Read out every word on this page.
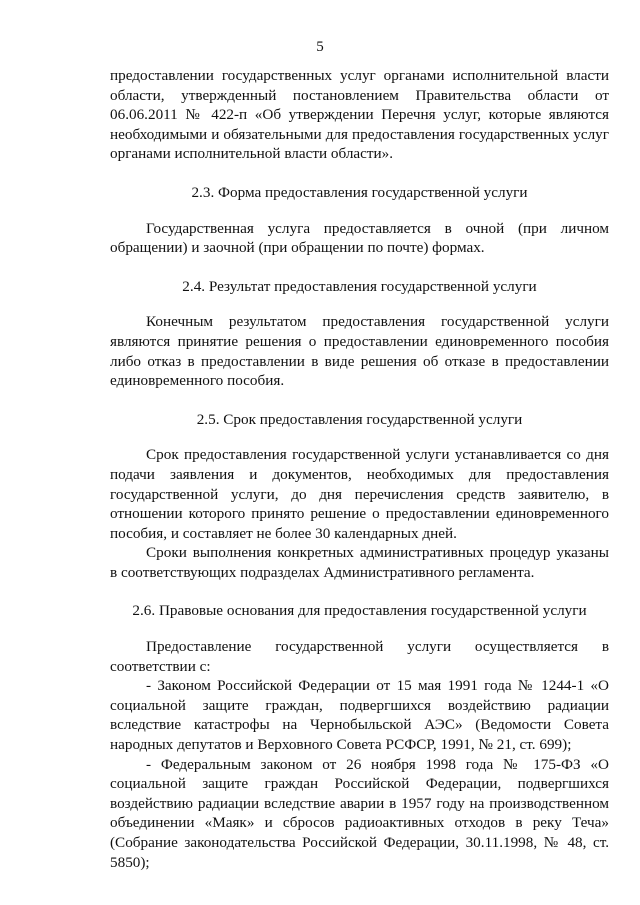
5

предоставлении государственных услуг органами исполнительной власти области, утвержденный постановлением Правительства области от 06.06.2011 № 422-п «Об утверждении Перечня услуг, которые являются необходимыми и обязательными для предоставления государственных услуг органами исполнительной власти области».

2.3. Форма предоставления государственной услуги

Государственная услуга предоставляется в очной (при личном обращении) и заочной (при обращении по почте) формах.

2.4. Результат предоставления государственной услуги

Конечным результатом предоставления государственной услуги являются принятие решения о предоставлении единовременного пособия либо отказ в предоставлении в виде решения об отказе в предоставлении единовременного пособия.

2.5. Срок предоставления государственной услуги

Срок предоставления государственной услуги устанавливается со дня подачи заявления и документов, необходимых для предоставления государственной услуги, до дня перечисления средств заявителю, в отношении которого принято решение о предоставлении единовременного пособия, и составляет не более 30 календарных дней.

Сроки выполнения конкретных административных процедур указаны в соответствующих подразделах Административного регламента.

2.6. Правовые основания для предоставления государственной услуги

Предоставление государственной услуги осуществляется в соответствии с:

- Законом Российской Федерации от 15 мая 1991 года № 1244-1 «О социальной защите граждан, подвергшихся воздействию радиации вследствие катастрофы на Чернобыльской АЭС» (Ведомости Совета народных депутатов и Верховного Совета РСФСР, 1991, № 21, ст. 699);

- Федеральным законом от 26 ноября 1998 года № 175-ФЗ «О социальной защите граждан Российской Федерации, подвергшихся воздействию радиации вследствие аварии в 1957 году на производственном объединении «Маяк» и сбросов радиоактивных отходов в реку Теча» (Собрание законодательства Российской Федерации, 30.11.1998, № 48, ст. 5850);
